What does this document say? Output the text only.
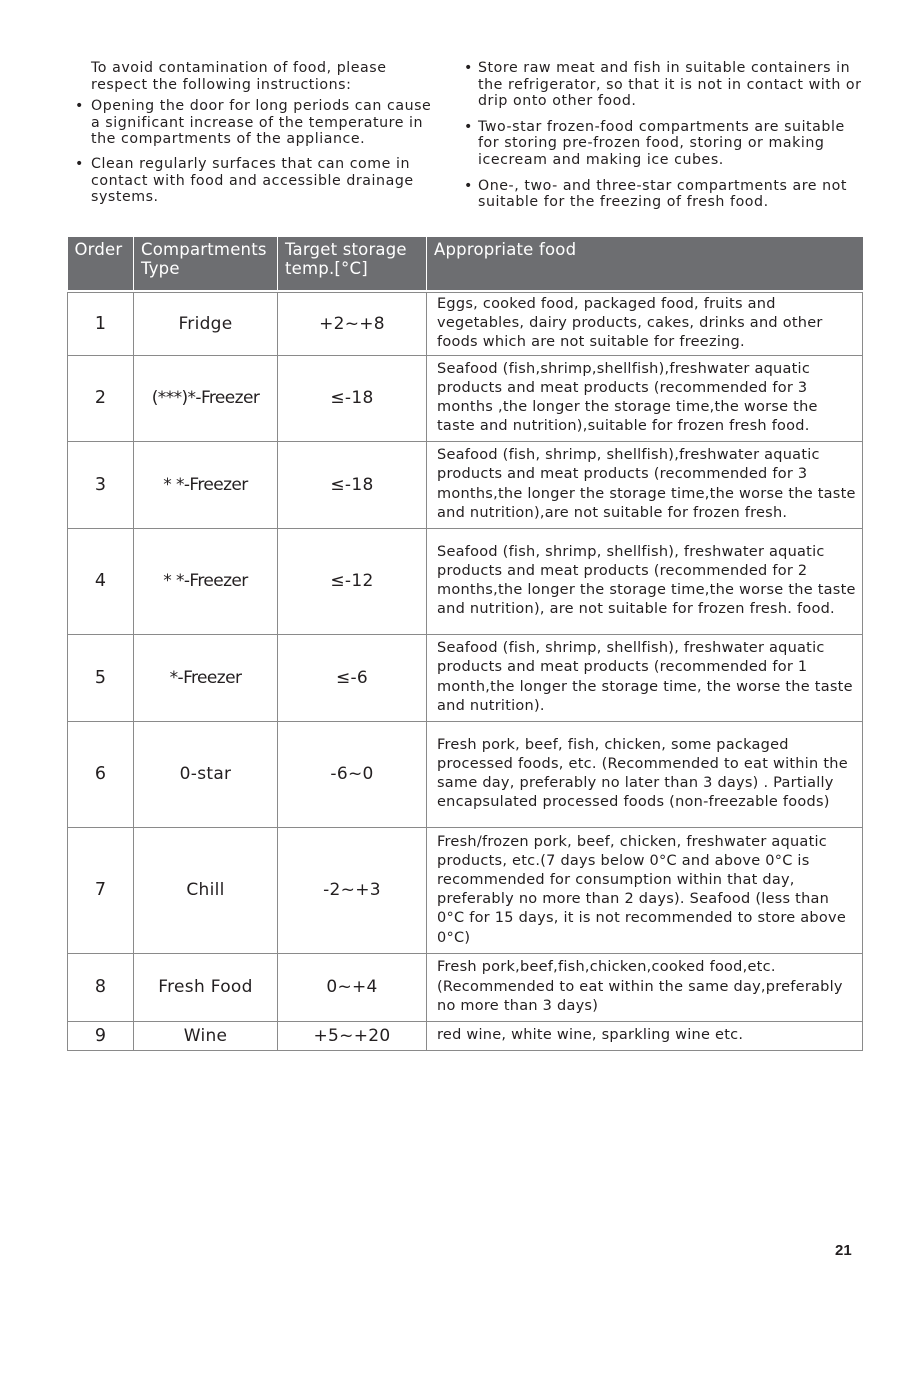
To avoid contamination of food, please respect the following instructions:

• Opening the door for long periods can cause a significant increase of the temperature in the compartments of the appliance.
• Clean regularly surfaces that can come in contact with food and accessible drainage systems.
• Store raw meat and fish in suitable containers in the refrigerator, so that it is not in contact with or drip onto other food.
• Two-star frozen-food compartments are suitable for storing pre-frozen food, storing or making icecream and making ice cubes.
• One-, two- and three-star compartments are not suitable for the freezing of fresh food.
Order	Compartments Type	Target storage temp.[°C]	Appropriate food

1	Fridge	+2~+8	Eggs, cooked food, packaged food, fruits and vegetables, dairy products, cakes, drinks and other foods which are not suitable for freezing.
2	(***)*-Freezer	≤-18	Seafood (fish,shrimp,shellfish),freshwater aquatic products and meat products (recommended for 3 months ,the longer the storage time,the worse the taste and nutrition),suitable for frozen fresh food.
3	* *-Freezer	≤-18	Seafood (fish, shrimp, shellfish),freshwater aquatic products and meat products (recommended for 3 months,the longer the storage time,the worse the taste and nutrition),are not suitable for frozen fresh.
4	* *-Freezer	≤-12	Seafood (fish, shrimp, shellfish), freshwater aquatic products and meat products (recommended for 2 months,the longer the storage time,the worse the taste and nutrition), are not suitable for frozen fresh. food.
5	*-Freezer	≤-6	Seafood (fish, shrimp, shellfish), freshwater aquatic products and meat products (recommended for 1 month,the longer the storage time, the worse the taste and nutrition).
6	0-star	-6~0	Fresh pork, beef, fish, chicken, some packaged processed foods, etc. (Recommended to eat within the same day, preferably no later than 3 days) . Partially encapsulated processed foods (non-freezable foods)
7	Chill	-2~+3	Fresh/frozen pork, beef, chicken, freshwater aquatic products, etc.(7 days below 0°C and above 0°C is recommended for consumption within that day, preferably no more than 2 days). Seafood (less than 0°C for 15 days, it is not recommended to store above 0°C)
8	Fresh Food	0~+4	Fresh pork,beef,fish,chicken,cooked food,etc. (Recommended to eat within the same day,preferably no more than 3 days)
9	Wine	+5~+20	red wine, white wine, sparkling wine etc.
21
